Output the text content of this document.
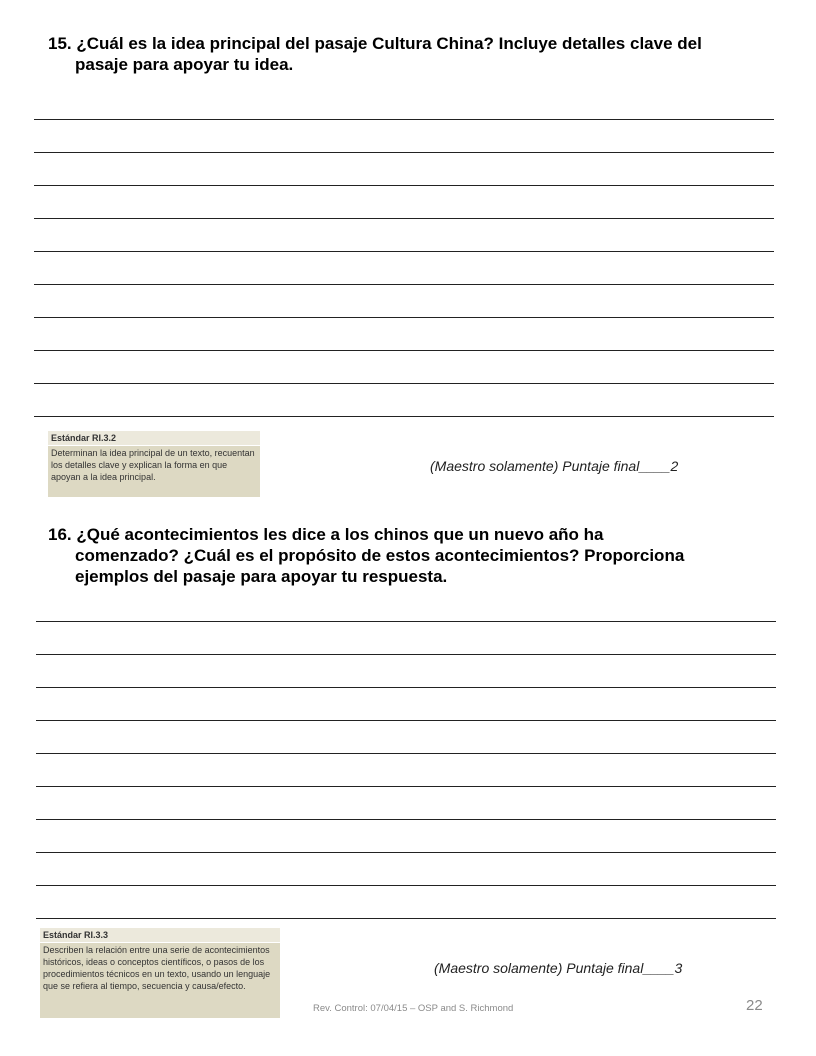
15. ¿Cuál es la idea principal del pasaje Cultura China? Incluye detalles clave del
pasaje para apoyar tu idea.
Estándar RI.3.2
Determinan la idea principal de un texto, recuentan los detalles clave y explican la forma en que apoyan a la idea principal.
(Maestro solamente) Puntaje final____2
16. ¿Qué acontecimientos les dice a los chinos que un nuevo año ha
comenzado? ¿Cuál es el propósito de estos acontecimientos? Proporciona
ejemplos del pasaje para apoyar tu respuesta.
Estándar RI.3.3
Describen la relación entre una serie de acontecimientos históricos, ideas o conceptos científicos, o pasos de los procedimientos técnicos en un texto, usando un lenguaje que se refiera al tiempo, secuencia y causa/efecto.
(Maestro solamente) Puntaje final____3
Rev. Control: 07/04/15 – OSP and S. Richmond	22
